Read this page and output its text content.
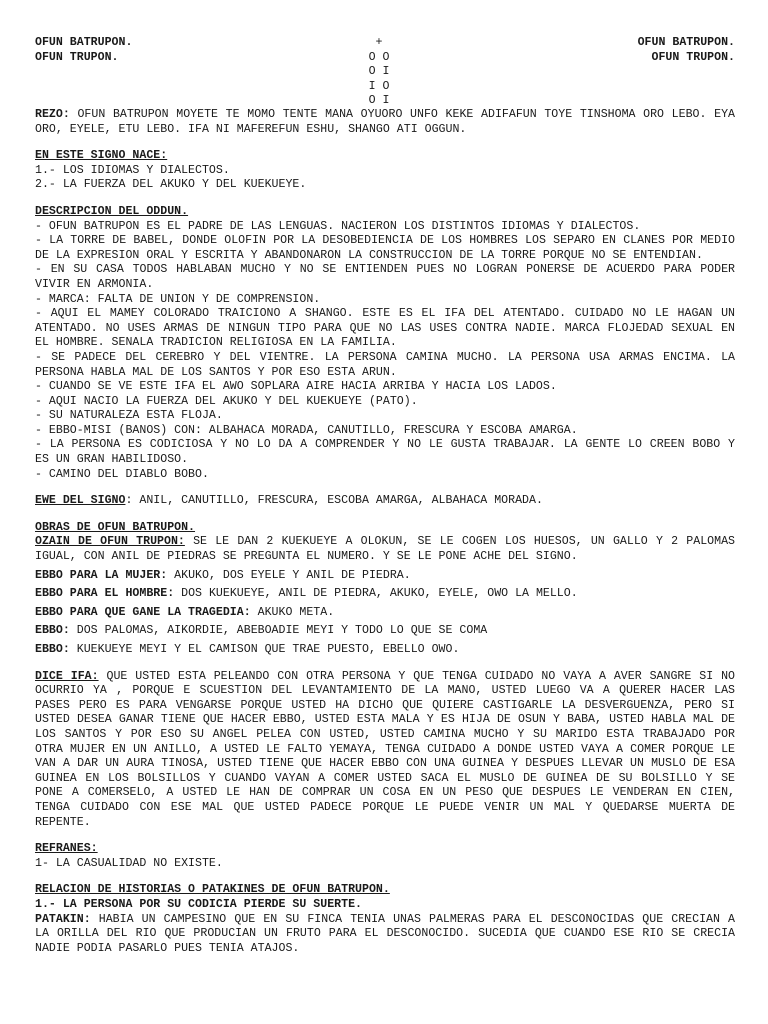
OFUN BATRUPON.
OFUN TRUPON.
+
O O
O I
I O
O I
OFUN BATRUPON.
OFUN TRUPON.

REZO: OFUN BATRUPON MOYETE TE MOMO TENTE MANA OYUORO UNFO KEKE ADIFAFUN TOYE TINSHOMA ORO LEBO. EYA ORO, EYELE, ETU LEBO. IFA NI MAFEREFUN ESHU, SHANGO ATI OGGUN.

EN ESTE SIGNO NACE:
1.- LOS IDIOMAS Y DIALECTOS.
2.- LA FUERZA DEL AKUKO Y DEL KUEKUEYE.
DESCRIPCION DEL ODDUN.

- OFUN BATRUPON ES EL PADRE DE LAS LENGUAS. NACIERON LOS DISTINTOS IDIOMAS Y DIALECTOS.

- LA TORRE DE BABEL, DONDE OLOFIN POR LA DESOBEDIENCIA DE LOS HOMBRES LOS SEPARO EN CLANES POR MEDIO DE LA EXPRESION ORAL Y ESCRITA Y ABANDONARON LA CONSTRUCCION DE LA TORRE PORQUE NO SE ENTENDIAN.

- EN SU CASA TODOS HABLABAN MUCHO Y NO SE ENTIENDEN PUES NO LOGRAN PONERSE DE ACUERDO PARA PODER VIVIR EN ARMONIA.

- MARCA: FALTA DE UNION Y DE COMPRENSION.

- AQUI EL MAMEY COLORADO TRAICIONO A SHANGO. ESTE ES EL IFA DEL ATENTADO. CUIDADO NO LE HAGAN UN ATENTADO. NO USES ARMAS DE NINGUN TIPO PARA QUE NO LAS USES CONTRA NADIE. MARCA FLOJEDAD SEXUAL EN EL HOMBRE. SENALA TRADICION RELIGIOSA EN LA FAMILIA.

- SE PADECE DEL CEREBRO Y DEL VIENTRE. LA PERSONA CAMINA MUCHO. LA PERSONA USA ARMAS ENCIMA. LA PERSONA HABLA MAL DE LOS SANTOS Y POR ESO ESTA ARUN.

- CUANDO SE VE ESTE IFA EL AWO SOPLARA AIRE HACIA ARRIBA Y HACIA LOS LADOS.

- AQUI NACIO LA FUERZA DEL AKUKO Y DEL KUEKUEYE (PATO).

- SU NATURALEZA ESTA FLOJA.

- EBBO-MISI (BANOS) CON: ALBAHACA MORADA, CANUTILLO, FRESCURA Y ESCOBA AMARGA.

- LA PERSONA ES CODICIOSA Y NO LO DA A COMPRENDER Y NO LE GUSTA TRABAJAR. LA GENTE LO CREEN BOBO Y ES UN GRAN HABILIDOSO.

- CAMINO DEL DIABLO BOBO.

EWE DEL SIGNO: ANIL, CANUTILLO, FRESCURA, ESCOBA AMARGA, ALBAHACA MORADA.

OBRAS DE OFUN BATRUPON.

OZAIN DE OFUN TRUPON: SE LE DAN 2 KUEKUEYE A OLOKUN, SE LE COGEN LOS HUESOS, UN GALLO Y 2 PALOMAS IGUAL, CON ANIL DE PIEDRAS SE PREGUNTA EL NUMERO. Y SE LE PONE ACHE DEL SIGNO.

EBBO PARA LA MUJER: AKUKO, DOS EYELE Y ANIL DE PIEDRA.

EBBO PARA EL HOMBRE: DOS KUEKUEYE, ANIL DE PIEDRA, AKUKO, EYELE, OWO LA MELLO.

EBBO PARA QUE GANE LA TRAGEDIA: AKUKO META.

EBBO: DOS PALOMAS, AIKORDIE, ABEBOADIE MEYI Y TODO LO QUE SE COMA

EBBO: KUEKUEYE MEYI Y EL CAMISON QUE TRAE PUESTO, EBELLO OWO.

DICE IFA: QUE USTED ESTA PELEANDO CON OTRA PERSONA Y QUE TENGA CUIDADO NO VAYA A AVER SANGRE SI NO OCURRIO YA , PORQUE E SCUESTION DEL LEVANTAMIENTO DE LA MANO, USTED LUEGO VA A QUERER HACER LAS PASES PERO ES PARA VENGARSE PORQUE USTED HA DICHO QUE QUIERE CASTIGARLE LA DESVERGUENZA, PERO SI USTED DESEA GANAR TIENE QUE HACER EBBO, USTED ESTA MALA Y ES HIJA DE OSUN Y BABA, USTED HABLA MAL DE LOS SANTOS Y POR ESO SU ANGEL PELEA CON USTED, USTED CAMINA MUCHO Y SU MARIDO ESTA TRABAJADO POR OTRA MUJER EN UN ANILLO, A USTED LE FALTO YEMAYA, TENGA CUIDADO A DONDE USTED VAYA A COMER PORQUE LE VAN A DAR UN AURA TINOSA, USTED TIENE QUE HACER EBBO CON UNA GUINEA Y DESPUES LLEVAR UN MUSLO DE ESA GUINEA EN LOS BOLSILLOS Y CUANDO VAYAN A COMER USTED SACA EL MUSLO DE GUINEA DE SU BOLSILLO Y SE PONE A COMERSELO, A USTED LE HAN DE COMPRAR UN COSA EN UN PESO QUE DESPUES LE VENDERAN EN CIEN, TENGA CUIDADO CON ESE MAL QUE USTED PADECE PORQUE LE PUEDE VENIR UN MAL Y QUEDARSE MUERTA DE REPENTE.

REFRANES:
1- LA CASUALIDAD NO EXISTE.
RELACION DE HISTORIAS O PATAKINES DE OFUN BATRUPON.
1.- LA PERSONA POR SU CODICIA PIERDE SU SUERTE.

PATAKIN: HABIA UN CAMPESINO QUE EN SU FINCA TENIA UNAS PALMERAS PARA EL DESCONOCIDAS QUE CRECIAN A LA ORILLA DEL RIO QUE PRODUCIAN UN FRUTO PARA EL DESCONOCIDO. SUCEDIA QUE CUANDO ESE RIO SE CRECIA NADIE PODIA PASARLO PUES TENIA ATAJOS.
